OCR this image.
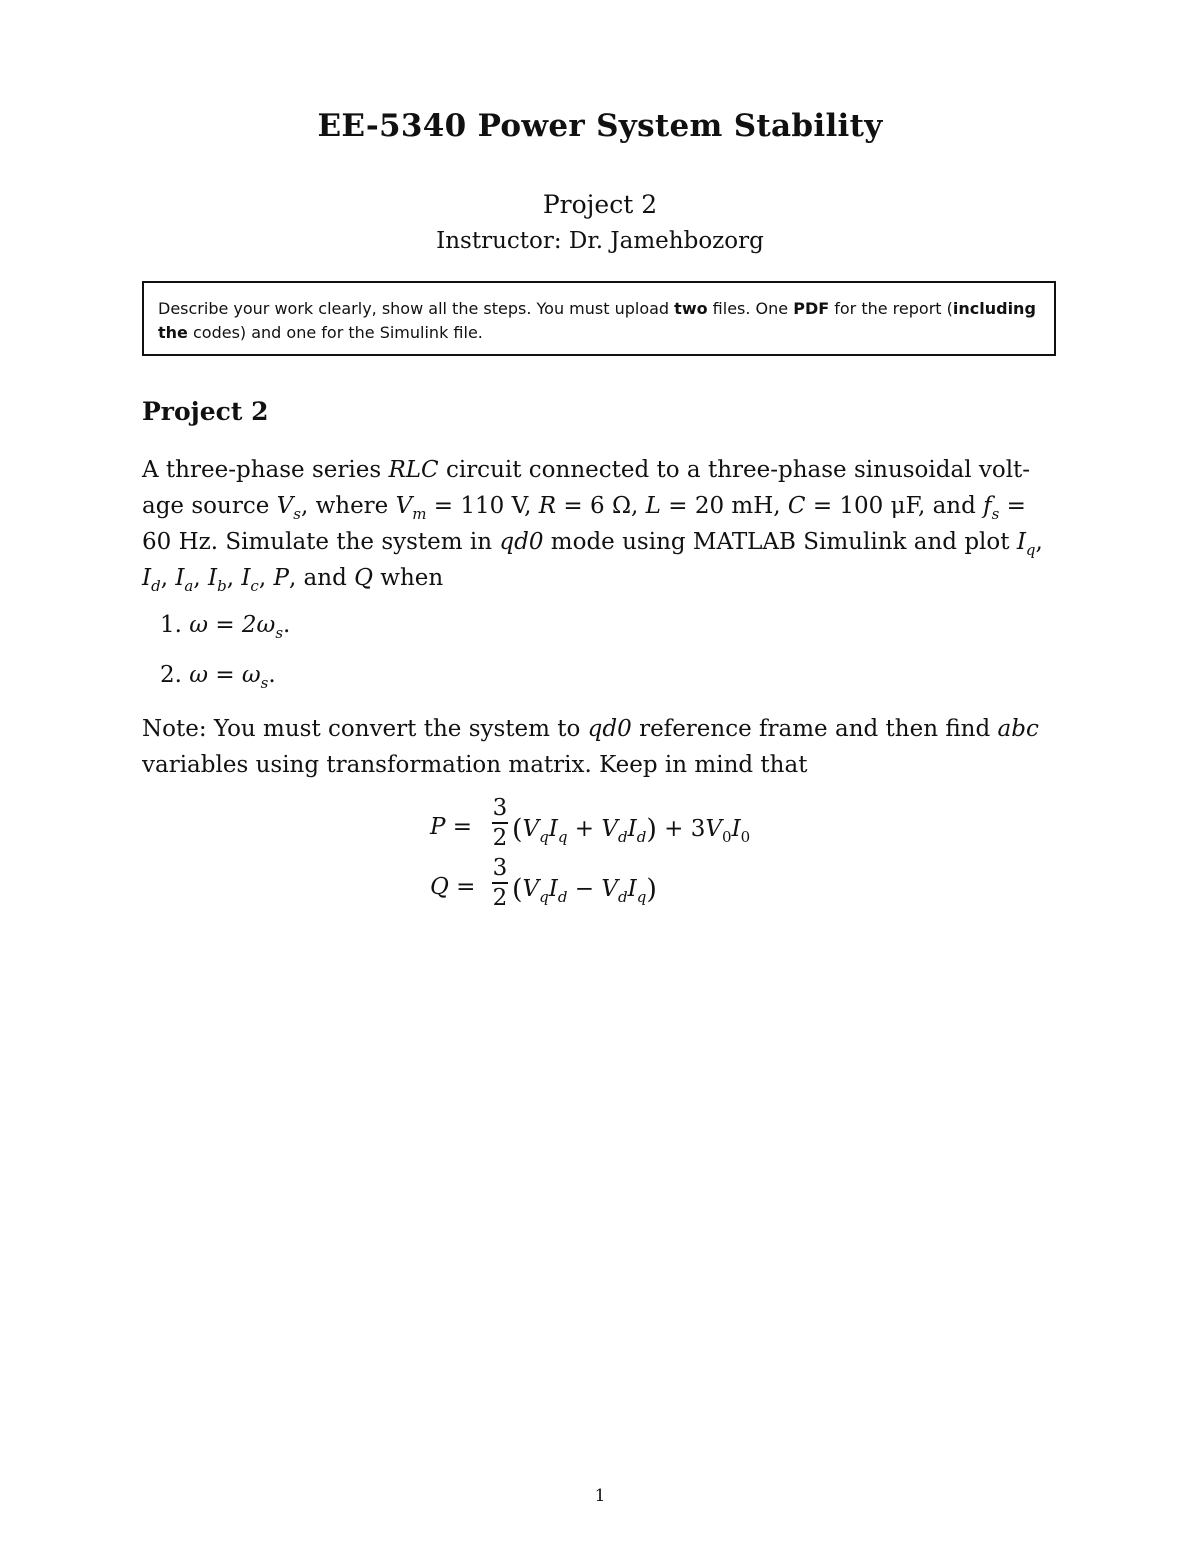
EE-5340 Power System Stability
Project 2
Instructor: Dr. Jamehbozorg
Describe your work clearly, show all the steps. You must upload two files. One PDF for the report (including the codes) and one for the Simulink file.
Project 2
A three-phase series RLC circuit connected to a three-phase sinusoidal volt-age source $V_s$, where $V_m = 110$ V, R = 6 Ω, L = 20 mH, C = 100 μF, and $f_s = 60$ Hz. Simulate the system in qd0 mode using MATLAB Simulink and plot $I_q$, $I_d$, $I_a$, $I_b$, $I_c$, P, and Q when
1. $\omega = 2\omega_s$.
2. $\omega = \omega_s$.
Note: You must convert the system to qd0 reference frame and then find abc variables using transformation matrix. Keep in mind that
P =
3
2 $(V_qI_q + V_dI_d) + 3V_0I_0$
Q =
3
2 $(V_qI_d - V_dI_q)$
1
